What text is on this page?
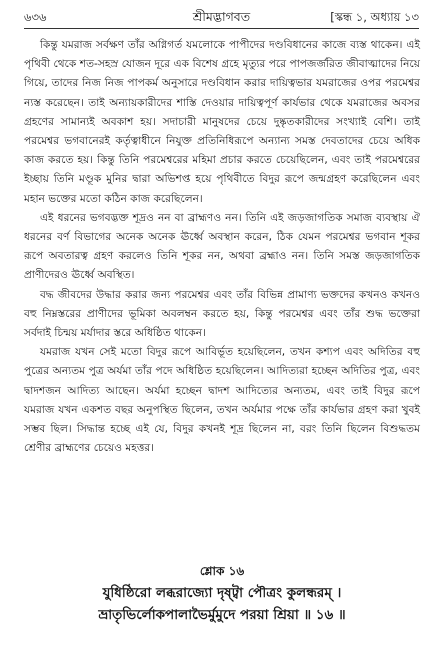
৬৩৬	শ্রীমদ্ভাগবত	[স্কন্ধ ১, অধ্যায় ১৩

কিন্তু যমরাজ সর্বক্ষণ তাঁর অগ্নিগর্ত যমলোকে পাপীদের দণ্ডবিধানের কাজে ব্যস্ত থাকেন। এই পৃথিবী থেকে শত-সহস্র যোজন দূরে এক বিশেষ গ্রহে মৃত্যুর পরে পাপজর্জরিত জীবাত্মাদের নিয়ে গিয়ে, তাদের নিজ নিজ পাপকর্ম অনুসারে দণ্ডবিধান করার দায়িত্বভার যমরাজের ওপর পরমেশ্বর ন্যস্ত করেছেন। তাই অন্যায়কারীদের শাস্তি দেওয়ার দায়িত্বপূর্ণ কার্যভার থেকে যমরাজের অবসর গ্রহণের সামান্যই অবকাশ হয়। সদাচারী মানুষদের চেয়ে দুষ্কৃতকারীদের সংখ্যাই বেশি। তাই পরমেশ্বর ভগবানেরই কর্তৃত্বাধীনে নিযুক্ত প্রতিনিধিরূপে অন্যান্য সমস্ত দেবতাদের চেয়ে অধিক কাজ করতে হয়। কিন্তু তিনি পরমেশ্বরের মহিমা প্রচার করতে চেয়েছিলেন, এবং তাই পরমেশ্বরের ইচ্ছায় তিনি মণ্ডূক মুনির দ্বারা অভিশপ্ত হয়ে পৃথিবীতে বিদুর রূপে জন্মগ্রহণ করেছিলেন এবং মহান ভক্তের মতো কঠিন কাজ করেছিলেন।

এই ধরনের ভগবদ্ভক্ত শূদ্রও নন বা ব্রাহ্মণও নন। তিনি এই জড়জাগতিক সমাজ ব্যবস্থায় ঐ ধরনের বর্ণ বিভাগের অনেক অনেক ঊর্ধ্বে অবস্থান করেন, ঠিক যেমন পরমেশ্বর ভগবান শূকর রূপে অবতারত্ব গ্রহণ করলেও তিনি শূকর নন, অথবা ব্রহ্মাও নন। তিনি সমস্ত জড়জাগতিক প্রাণীদেরও ঊর্ধ্বে অবস্থিত।

বদ্ধ জীবদের উদ্ধার করার জন্য পরমেশ্বর এবং তাঁর বিভিন্ন প্রামাণ্য ভক্তদের কখনও কখনও বহু নিম্নস্তরের প্রাণীদের ভূমিকা অবলম্বন করতে হয়, কিন্তু পরমেশ্বর এবং তাঁর শুদ্ধ ভক্তেরা সর্বদাই চিন্ময় মর্যাদার স্তরে অধিষ্ঠিত থাকেন।

যমরাজ যখন সেই মতো বিদুর রূপে আবির্ভূত হয়েছিলেন, তখন কশ্যপ এবং অদিতির বহু পুত্রের অন্যতম পুত্র অর্যমা তাঁর পদে অধিষ্ঠিত হয়েছিলেন। আদিত্যরা হচ্ছেন অদিতির পুত্র, এবং দ্বাদশজন আদিত্য আছেন। অর্যমা হচ্ছেন দ্বাদশ আদিত্যের অন্যতম, এবং তাই বিদুর রূপে যমরাজ যখন একশত বছর অনুপস্থিত ছিলেন, তখন অর্যমার পক্ষে তাঁর কার্যভার গ্রহণ করা খুবই সম্ভব ছিল। সিদ্ধান্ত হচ্ছে এই যে, বিদুর কখনই শূদ্র ছিলেন না, বরং তিনি ছিলেন বিশুদ্ধতম শ্রেণীর ব্রাহ্মণের চেয়েও মহত্তর।

শ্লোক ১৬
যুধিষ্ঠিরো লব্ধরাজ্যো দৃষ্ট্বা পৌত্রং কুলন্ধরম্ ।
ভ্রাতৃভির্লোকপালাভৈর্মুমুদে পরয়া শ্রিয়া ॥ ১৬ ॥
